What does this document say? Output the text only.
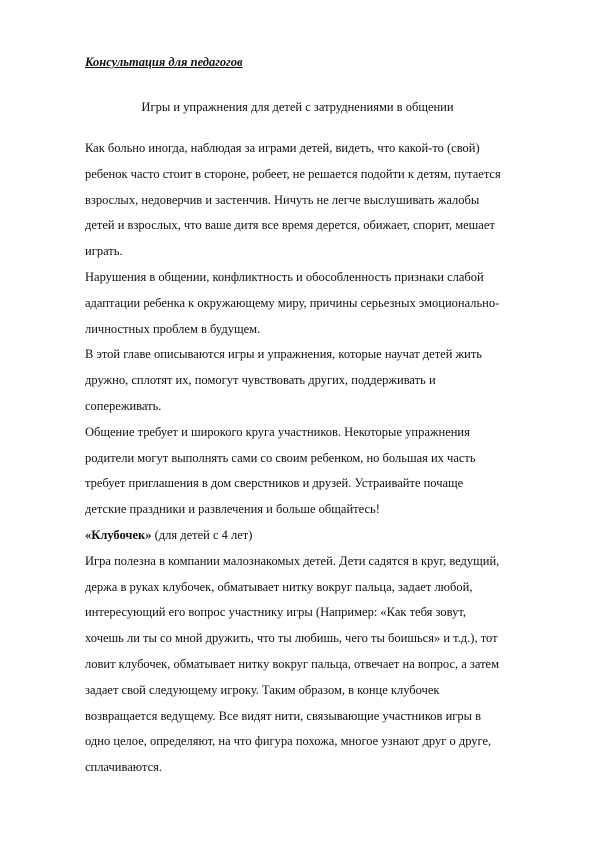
Консультация для педагогов
Игры и упражнения для детей с затруднениями в общении
Как больно иногда, наблюдая за играми детей, видеть, что какой-то (свой)
ребенок часто стоит в стороне, робеет, не решается подойти к детям, путается
взрослых, недоверчив и застенчив. Ничуть не легче выслушивать жалобы
детей и взрослых, что ваше дитя все время дерется, обижает, спорит, мешает
играть.
Нарушения в общении, конфликтность и обособленность признаки слабой
адаптации ребенка к окружающему миру, причины серьезных эмоционально-
личностных проблем в будущем.
В этой главе описываются игры и упражнения, которые научат детей жить
дружно, сплотят их, помогут чувствовать других, поддерживать и
сопереживать.
Общение требует и широкого круга участников. Некоторые упражнения
родители могут выполнять сами со своим ребенком, но большая их часть
требует приглашения в дом сверстников и друзей. Устраивайте почаще
детские праздники и развлечения и больше общайтесь!
«Клубочек» (для детей с 4 лет)
Игра полезна в компании малознакомых детей. Дети садятся в круг, ведущий,
держа в руках клубочек, обматывает нитку вокруг пальца, задает любой,
интересующий его вопрос участнику игры (Например: «Как тебя зовут,
хочешь ли ты со мной дружить, что ты любишь, чего ты боишься» и т.д.), тот
ловит клубочек, обматывает нитку вокруг пальца, отвечает на вопрос, а затем
задает свой следующему игроку. Таким образом, в конце клубочек
возвращается ведущему. Все видят нити, связывающие участников игры в
одно целое, определяют, на что фигура похожа, многое узнают друг о друге,
сплачиваются.
